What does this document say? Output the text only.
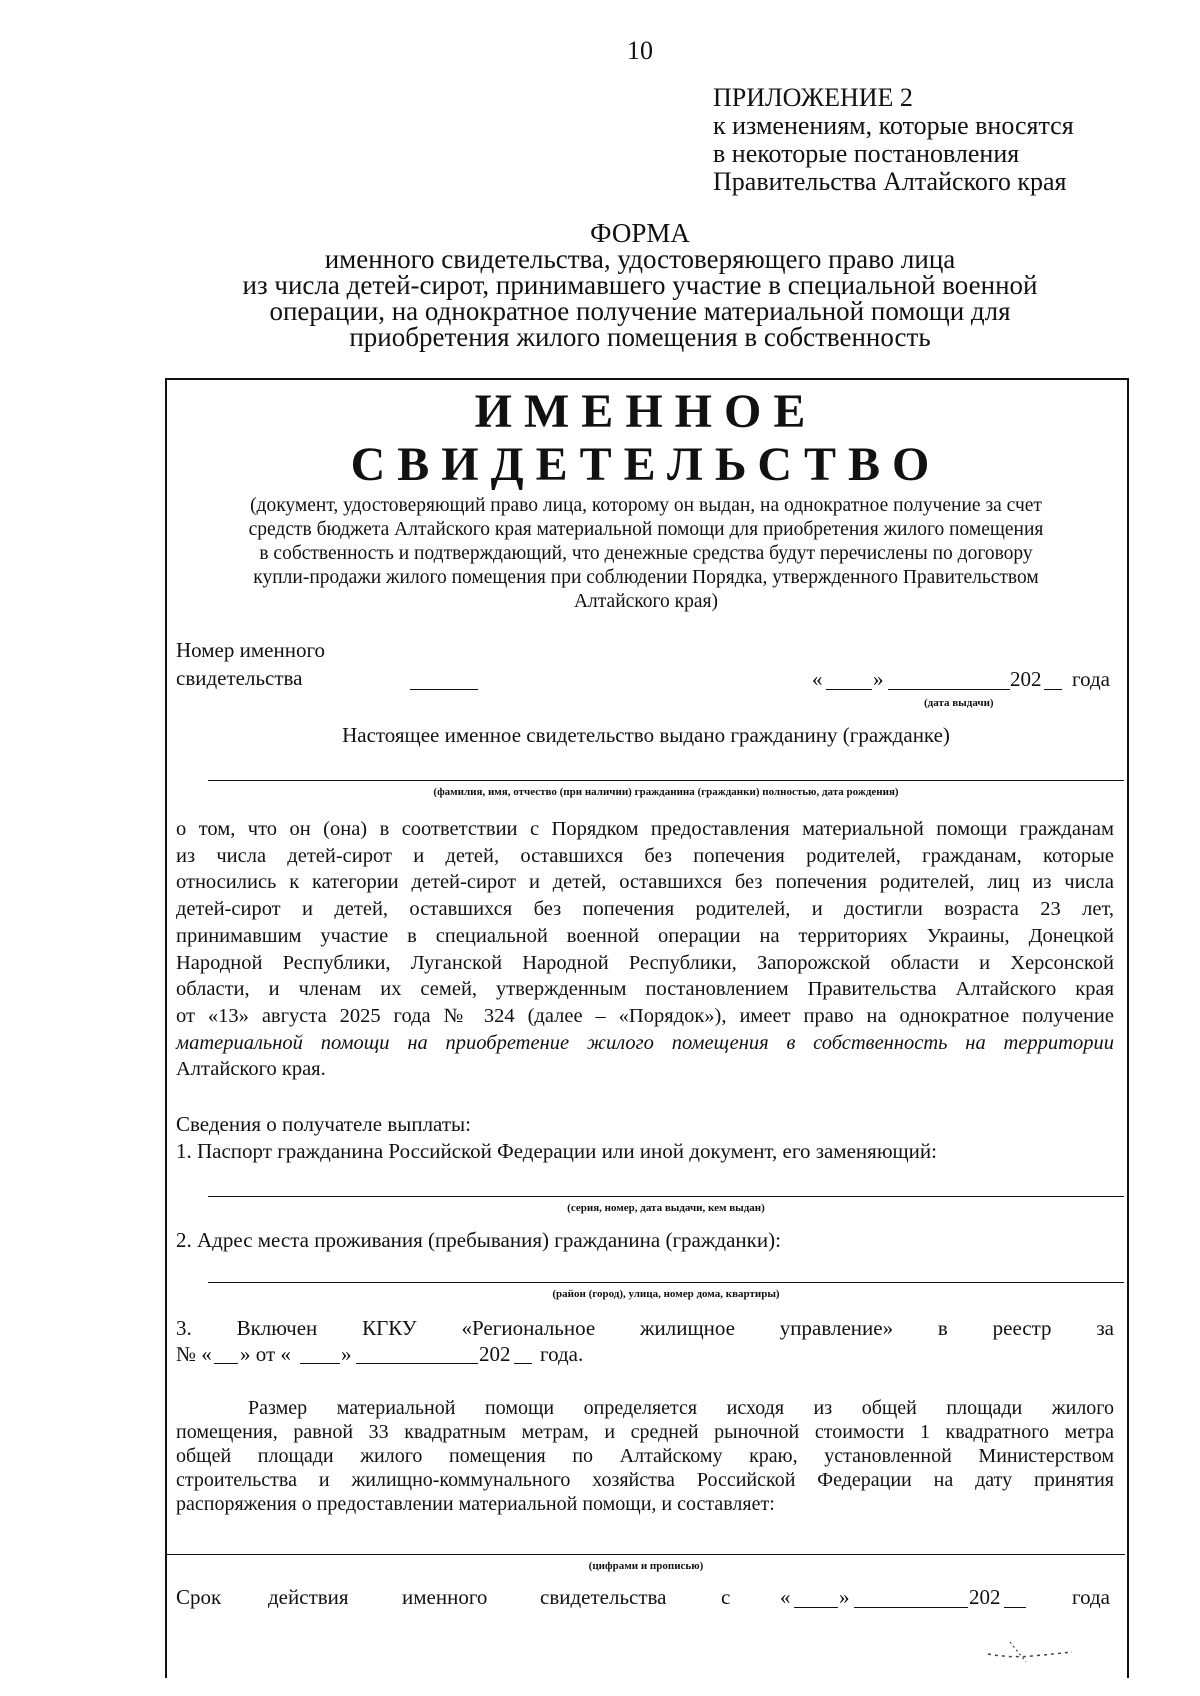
10
ПРИЛОЖЕНИЕ 2
к изменениям, которые вносятся
в некоторые постановления
Правительства Алтайского края
ФОРМА
именного свидетельства, удостоверяющего право лица
из числа детей-сирот, принимавшего участие в специальной военной
операции, на однократное получение материальной помощи для
приобретения жилого помещения в собственность
ИМЕННОЕ
СВИДЕТЕЛЬСТВО
(документ, удостоверяющий право лица, которому он выдан, на однократное получение за счет
средств бюджета Алтайского края материальной помощи для приобретения жилого помещения
в собственность и подтверждающий, что денежные средства будут перечислены по договору
купли-продажи жилого помещения при соблюдении Порядка, утвержденного Правительством
Алтайского края)
Номер именного
свидетельства	« »	202 года
(дата выдачи)
Настоящее именное свидетельство выдано гражданину (гражданке)
(фамилия, имя, отчество (при наличии) гражданина (гражданки) полностью, дата рождения)
о том, что он (она) в соответствии с Порядком предоставления материальной помощи гражданам
из числа детей-сирот и детей, оставшихся без попечения родителей, гражданам, которые
относились к категории детей-сирот и детей, оставшихся без попечения родителей, лиц из числа
детей-сирот и детей, оставшихся без попечения родителей, и достигли возраста 23 лет,
принимавшим участие в специальной военной операции на территориях Украины, Донецкой
Народной Республики, Луганской Народной Республики, Запорожской области и Херсонской
области, и членам их семей, утвержденным постановлением Правительства Алтайского края
от «13» августа 2025 года № 324 (далее – «Порядок»), имеет право на однократное получение
материальной помощи на приобретение жилого помещения в собственность на территории
Алтайского края.
Сведения о получателе выплаты:
1. Паспорт гражданина Российской Федерации или иной документ, его заменяющий:
(серия, номер, дата выдачи, кем выдан)
2. Адрес места проживания (пребывания) гражданина (гражданки):
(район (город), улица, номер дома, квартиры)
3. Включен КГКУ «Региональное жилищное управление» в реестр за
№ « » от « »	202 года.
Размер материальной помощи определяется исходя из общей площади жилого
помещения, равной 33 квадратным метрам, и средней рыночной стоимости 1 квадратного метра
общей площади жилого помещения по Алтайскому краю, установленной Министерством
строительства и жилищно-коммунального хозяйства Российской Федерации на дату принятия
распоряжения о предоставлении материальной помощи, и составляет:
(цифрами и прописью)
Срок действия	именного	свидетельства	с « »	202	года
